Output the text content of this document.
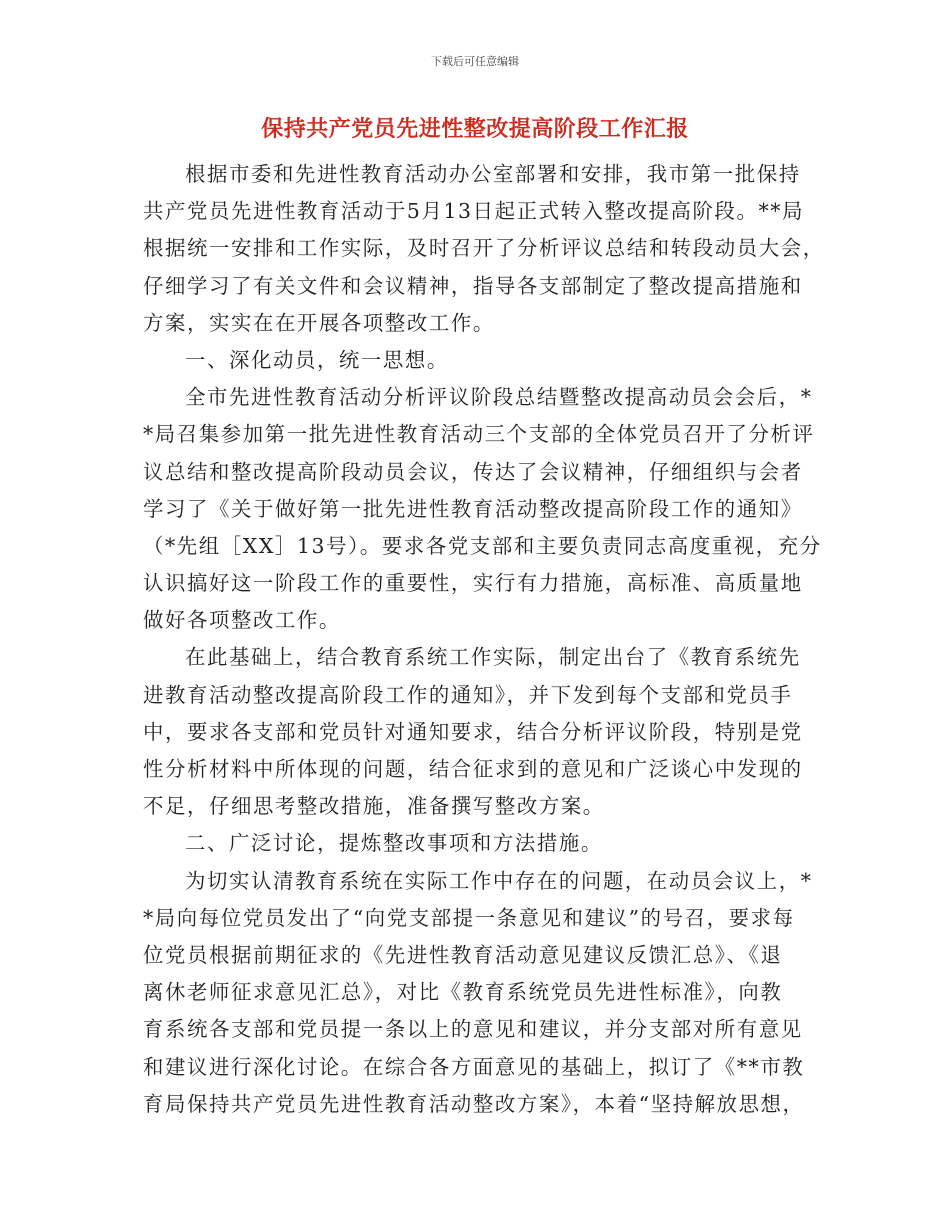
下载后可任意编辑
保持共产党员先进性整改提高阶段工作汇报
根据市委和先进性教育活动办公室部署和安排，我市第一批保持
共产党员先进性教育活动于5月13日起正式转入整改提高阶段。**局
根据统一安排和工作实际，及时召开了分析评议总结和转段动员大会，
仔细学习了有关文件和会议精神，指导各支部制定了整改提高措施和
方案，实实在在开展各项整改工作。
一、深化动员，统一思想。
全市先进性教育活动分析评议阶段总结暨整改提高动员会会后，*
*局召集参加第一批先进性教育活动三个支部的全体党员召开了分析评
议总结和整改提高阶段动员会议，传达了会议精神，仔细组织与会者
学习了《关于做好第一批先进性教育活动整改提高阶段工作的通知》
（*先组［XX］13号）。要求各党支部和主要负责同志高度重视，充分
认识搞好这一阶段工作的重要性，实行有力措施，高标准、高质量地
做好各项整改工作。
在此基础上，结合教育系统工作实际，制定出台了《教育系统先
进教育活动整改提高阶段工作的通知》，并下发到每个支部和党员手
中，要求各支部和党员针对通知要求，结合分析评议阶段，特别是党
性分析材料中所体现的问题，结合征求到的意见和广泛谈心中发现的
不足，仔细思考整改措施，准备撰写整改方案。
二、广泛讨论，提炼整改事项和方法措施。
为切实认清教育系统在实际工作中存在的问题，在动员会议上，*
*局向每位党员发出了“向党支部提一条意见和建议”的号召，要求每
位党员根据前期征求的《先进性教育活动意见建议反馈汇总》、《退
离休老师征求意见汇总》，对比《教育系统党员先进性标准》，向教
育系统各支部和党员提一条以上的意见和建议，并分支部对所有意见
和建议进行深化讨论。在综合各方面意见的基础上，拟订了《**市教
育局保持共产党员先进性教育活动整改方案》，本着“坚持解放思想，
